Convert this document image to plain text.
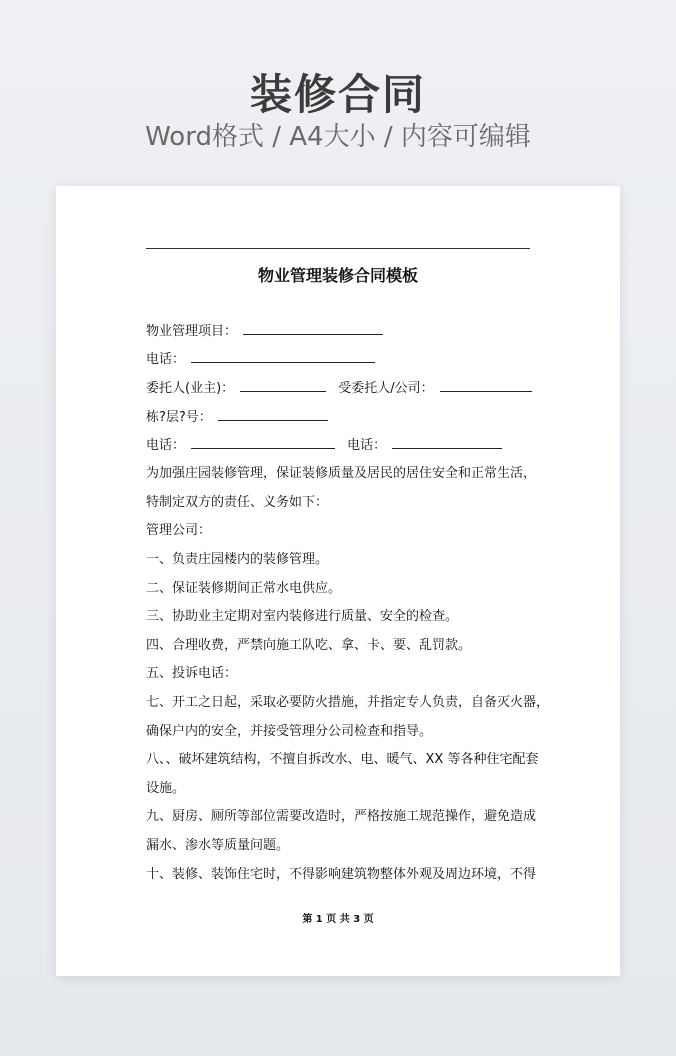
装修合同
Word格式 / A4大小 / 内容可编辑
物业管理装修合同模板
物业管理项目：
电话：
委托人(业主)：	受委托人/公司：
栋?层?号：
电话：	电话：
为加强庄园装修管理，保证装修质量及居民的居住安全和正常生活，
特制定双方的责任、义务如下：
管理公司：
一、负责庄园楼内的装修管理。
二、保证装修期间正常水电供应。
三、协助业主定期对室内装修进行质量、安全的检查。
四、合理收费，严禁向施工队吃、拿、卡、要、乱罚款。
五、投诉电话：
七、开工之日起，采取必要防火措施，并指定专人负责，自备灭火器，
确保户内的安全，并接受管理分公司检查和指导。
八、、破坏建筑结构，不擅自拆改水、电、暖气、XX 等各种住宅配套
设施。
九、厨房、厕所等部位需要改造时，严格按施工规范操作，避免造成
漏水、渗水等质量问题。
十、装修、装饰住宅时，不得影响建筑物整体外观及周边环境，不得
第 1 页 共 3 页
